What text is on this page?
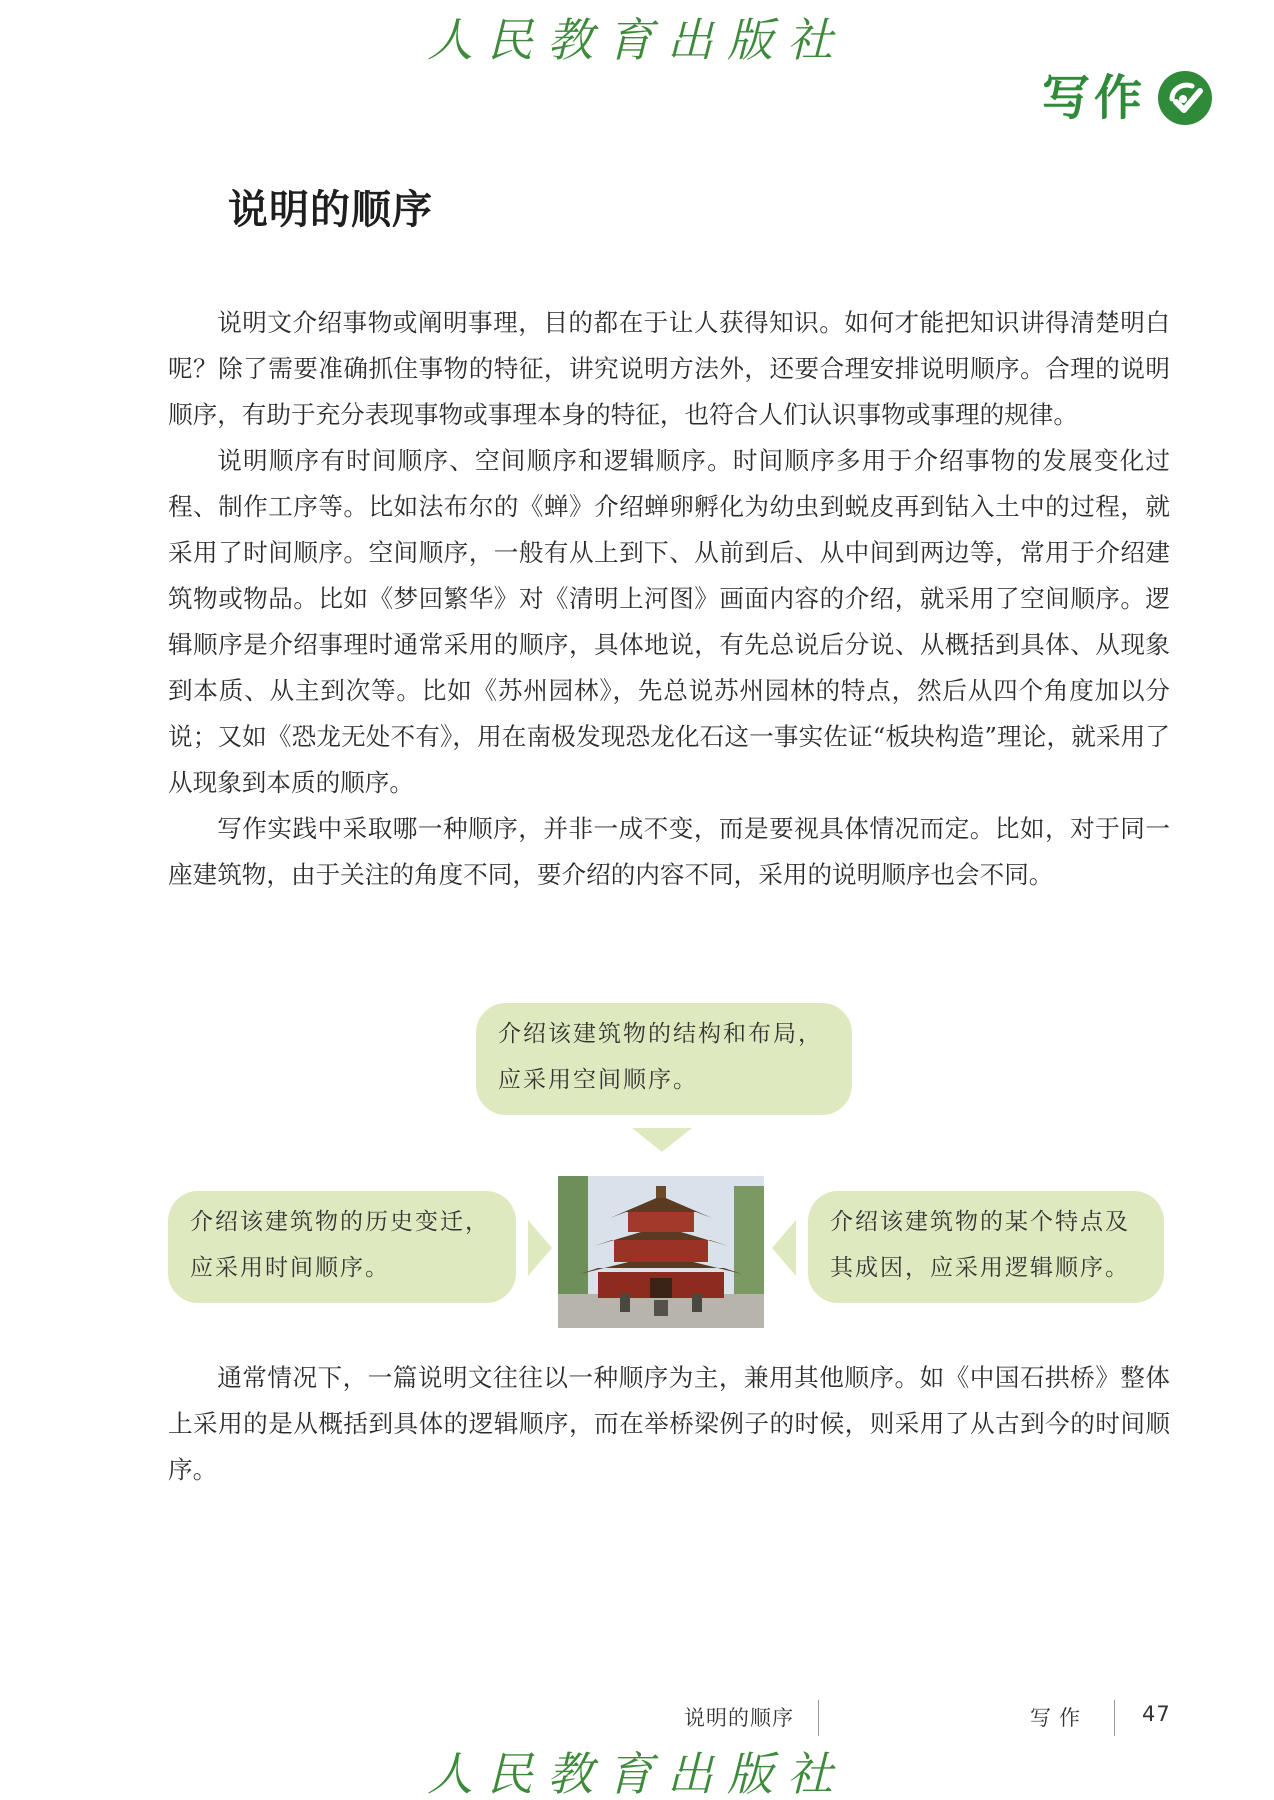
人民教育出版社
写作
说明的顺序

说明文介绍事物或阐明事理，目的都在于让人获得知识。如何才能把知识讲得清楚明白呢？除了需要准确抓住事物的特征，讲究说明方法外，还要合理安排说明顺序。合理的说明顺序，有助于充分表现事物或事理本身的特征，也符合人们认识事物或事理的规律。

说明顺序有时间顺序、空间顺序和逻辑顺序。时间顺序多用于介绍事物的发展变化过程、制作工序等。比如法布尔的《蝉》介绍蝉卵孵化为幼虫到蜕皮再到钻入土中的过程，就采用了时间顺序。空间顺序，一般有从上到下、从前到后、从中间到两边等，常用于介绍建筑物或物品。比如《梦回繁华》对《清明上河图》画面内容的介绍，就采用了空间顺序。逻辑顺序是介绍事理时通常采用的顺序，具体地说，有先总说后分说、从概括到具体、从现象到本质、从主到次等。比如《苏州园林》，先总说苏州园林的特点，然后从四个角度加以分说；又如《恐龙无处不有》，用在南极发现恐龙化石这一事实佐证“板块构造”理论，就采用了从现象到本质的顺序。

写作实践中采取哪一种顺序，并非一成不变，而是要视具体情况而定。比如，对于同一座建筑物，由于关注的角度不同，要介绍的内容不同，采用的说明顺序也会不同。

介绍该建筑物的结构和布局，
应采用空间顺序。
介绍该建筑物的历史变迁，
应采用时间顺序。
介绍该建筑物的某个特点及
其成因，应采用逻辑顺序。

通常情况下，一篇说明文往往以一种顺序为主，兼用其他顺序。如《中国石拱桥》整体上采用的是从概括到具体的逻辑顺序，而在举桥梁例子的时候，则采用了从古到今的时间顺序。

说明的顺序	写作	47
人民教育出版社
